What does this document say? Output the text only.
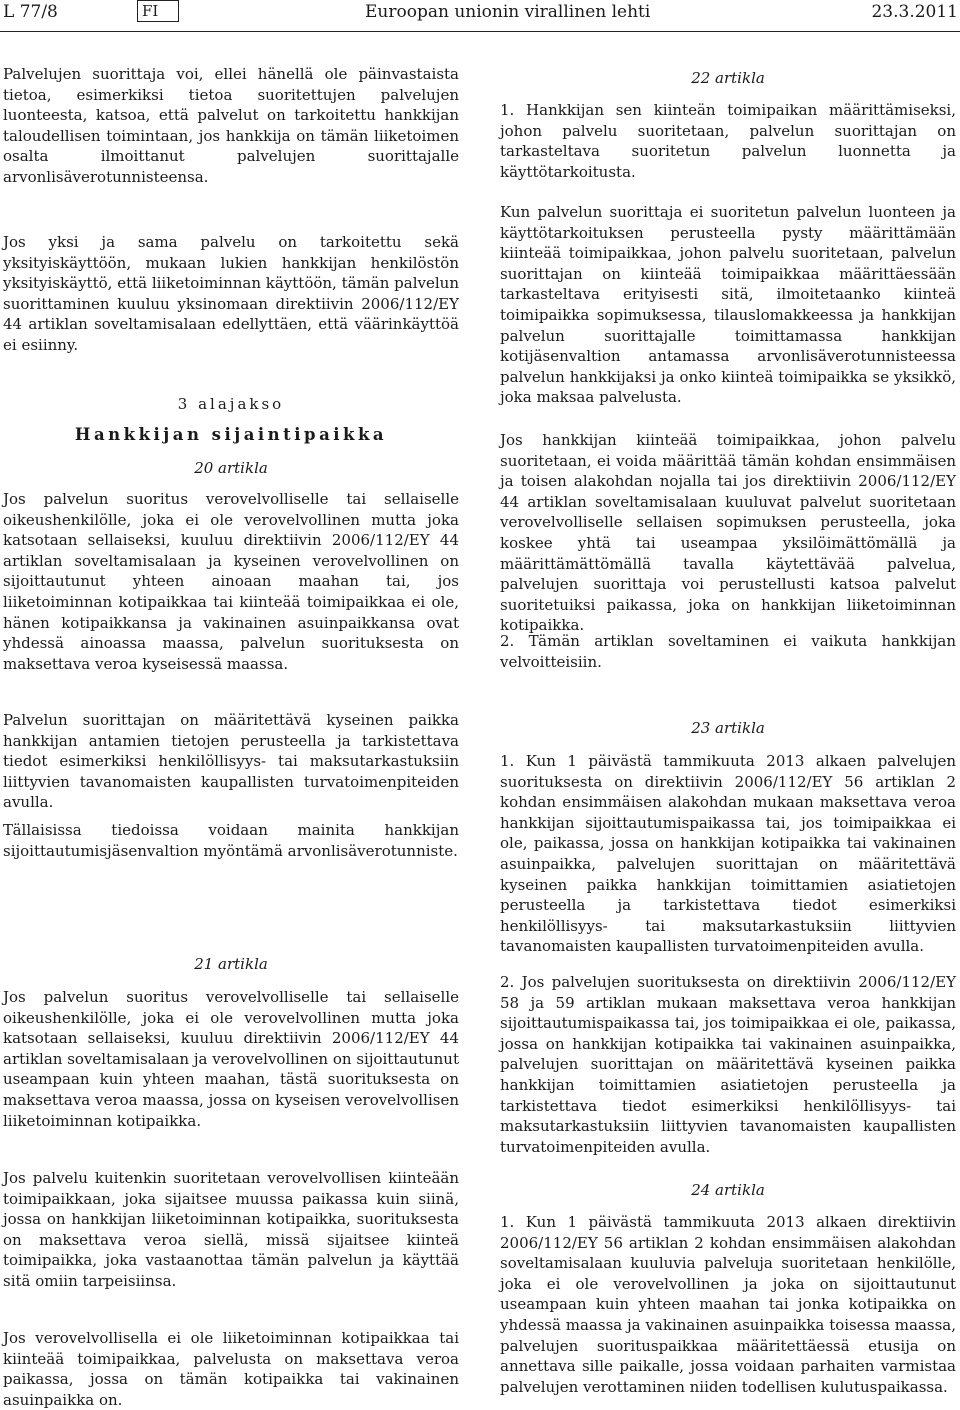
L 77/8	FI	Euroopan unionin virallinen lehti	23.3.2011

Palvelujen suorittaja voi, ellei hänellä ole päinvastaista tietoa, esimerkiksi tietoa suoritettujen palvelujen luonteesta, katsoa, että palvelut on tarkoitettu hankkijan taloudellisen toimintaan, jos hankkija on tämän liiketoimen osalta ilmoittanut palvelujen suorittajalle arvonlisäverotunnisteensa.

Jos yksi ja sama palvelu on tarkoitettu sekä yksityiskäyttöön, mukaan lukien hankkijan henkilöstön yksityiskäyttö, että liiketoiminnan käyttöön, tämän palvelun suorittaminen kuuluu yksinomaan direktiivin 2006/112/EY 44 artiklan soveltamisalaan edellyttäen, että väärinkäyttöä ei esiinny.

3 alajakso

Hankkijan sijaintipaikka

20 artikla

Jos palvelun suoritus verovelvolliselle tai sellaiselle oikeushenkilölle, joka ei ole verovelvollinen mutta joka katsotaan sellaiseksi, kuuluu direktiivin 2006/112/EY 44 artiklan soveltamisalaan ja kyseinen verovelvollinen on sijoittautunut yhteen ainoaan maahan tai, jos liiketoiminnan kotipaikkaa tai kiinteää toimipaikkaa ei ole, hänen kotipaikkansa ja vakinainen asuinpaikkansa ovat yhdessä ainoassa maassa, palvelun suorituksesta on maksettava veroa kyseisessä maassa.

Palvelun suorittajan on määritettävä kyseinen paikka hankkijan antamien tietojen perusteella ja tarkistettava tiedot esimerkiksi henkilöllisyys- tai maksutarkastuksiin liittyvien tavanomaisten kaupallisten turvatoimenpiteiden avulla.

Tällaisissa tiedoissa voidaan mainita hankkijan sijoittautumisjäsenvaltion myöntämä arvonlisäverotunniste.

21 artikla

Jos palvelun suoritus verovelvolliselle tai sellaiselle oikeushenkilölle, joka ei ole verovelvollinen mutta joka katsotaan sellaiseksi, kuuluu direktiivin 2006/112/EY 44 artiklan soveltamisalaan ja verovelvollinen on sijoittautunut useampaan kuin yhteen maahan, tästä suorituksesta on maksettava veroa maassa, jossa on kyseisen verovelvollisen liiketoiminnan kotipaikka.

Jos palvelu kuitenkin suoritetaan verovelvollisen kiinteään toimipaikkaan, joka sijaitsee muussa paikassa kuin siinä, jossa on hankkijan liiketoiminnan kotipaikka, suorituksesta on maksettava veroa siellä, missä sijaitsee kiinteä toimipaikka, joka vastaanottaa tämän palvelun ja käyttää sitä omiin tarpeisiinsa.

Jos verovelvollisella ei ole liiketoiminnan kotipaikkaa tai kiinteää toimipaikkaa, palvelusta on maksettava veroa paikassa, jossa on tämän kotipaikka tai vakinainen asuinpaikka on.

22 artikla

1. Hankkijan sen kiinteän toimipaikan määrittämiseksi, johon palvelu suoritetaan, palvelun suorittajan on tarkasteltava suoritetun palvelun luonnetta ja käyttötarkoitusta.

Kun palvelun suorittaja ei suoritetun palvelun luonteen ja käyttötarkoituksen perusteella pysty määrittämään kiinteää toimipaikkaa, johon palvelu suoritetaan, palvelun suorittajan on kiinteää toimipaikkaa määrittäessään tarkasteltava erityisesti sitä, ilmoitetaanko kiinteä toimipaikka sopimuksessa, tilauslomakkeessa ja hankkijan palvelun suorittajalle toimittamassa hankkijan kotijäsenvaltion antamassa arvonlisäverotunnisteessa palvelun hankkijaksi ja onko kiinteä toimipaikka se yksikkö, joka maksaa palvelusta.

Jos hankkijan kiinteää toimipaikkaa, johon palvelu suoritetaan, ei voida määrittää tämän kohdan ensimmäisen ja toisen alakohdan nojalla tai jos direktiivin 2006/112/EY 44 artiklan soveltamisalaan kuuluvat palvelut suoritetaan verovelvolliselle sellaisen sopimuksen perusteella, joka koskee yhtä tai useampaa yksilöimättömällä ja määrittämättömällä tavalla käytettävää palvelua, palvelujen suorittaja voi perustellusti katsoa palvelut suoritetuiksi paikassa, joka on hankkijan liiketoiminnan kotipaikka.

2. Tämän artiklan soveltaminen ei vaikuta hankkijan velvoitteisiin.

23 artikla

1. Kun 1 päivästä tammikuuta 2013 alkaen palvelujen suorituksesta on direktiivin 2006/112/EY 56 artiklan 2 kohdan ensimmäisen alakohdan mukaan maksettava veroa hankkijan sijoittautumispaikassa tai, jos toimipaikkaa ei ole, paikassa, jossa on hankkijan kotipaikka tai vakinainen asuinpaikka, palvelujen suorittajan on määritettävä kyseinen paikka hankkijan toimittamien asiatietojen perusteella ja tarkistettava tiedot esimerkiksi henkilöllisyys- tai maksutarkastuksiin liittyvien tavanomaisten kaupallisten turvatoimenpiteiden avulla.

2. Jos palvelujen suorituksesta on direktiivin 2006/112/EY 58 ja 59 artiklan mukaan maksettava veroa hankkijan sijoittautumispaikassa tai, jos toimipaikkaa ei ole, paikassa, jossa on hankkijan kotipaikka tai vakinainen asuinpaikka, palvelujen suorittajan on määritettävä kyseinen paikka hankkijan toimittamien asiatietojen perusteella ja tarkistettava tiedot esimerkiksi henkilöllisyys- tai maksutarkastuksiin liittyvien tavanomaisten kaupallisten turvatoimenpiteiden avulla.

24 artikla

1. Kun 1 päivästä tammikuuta 2013 alkaen direktiivin 2006/112/EY 56 artiklan 2 kohdan ensimmäisen alakohdan soveltamisalaan kuuluvia palveluja suoritetaan henkilölle, joka ei ole verovelvollinen ja joka on sijoittautunut useampaan kuin yhteen maahan tai jonka kotipaikka on yhdessä maassa ja vakinainen asuinpaikka toisessa maassa, palvelujen suorituspaikkaa määritettäessä etusija on annettava sille paikalle, jossa voidaan parhaiten varmistaa palvelujen verottaminen niiden todellisen kulutuspaikassa.
